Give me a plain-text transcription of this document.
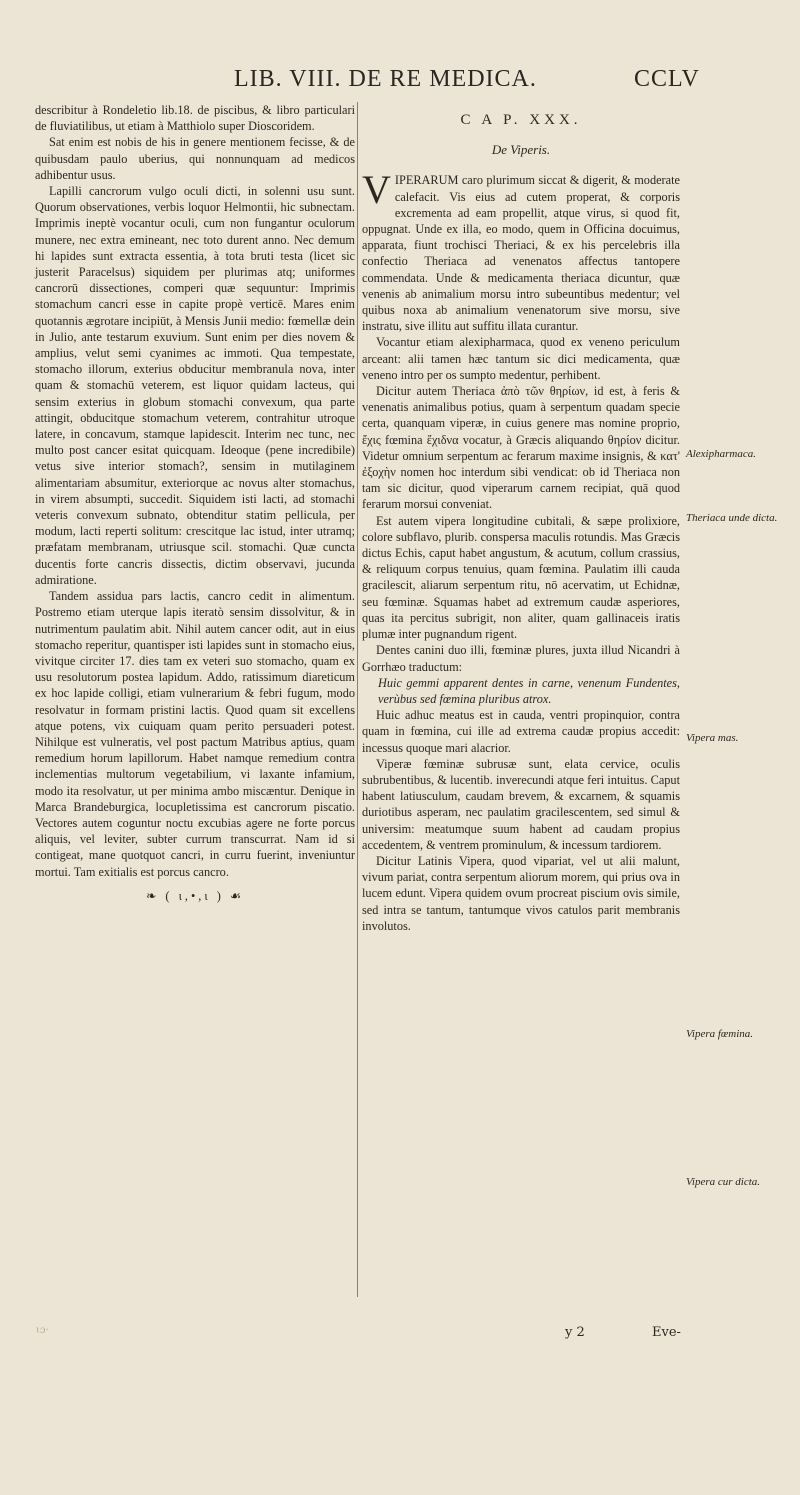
LIB. VIII. DE RE MEDICA.	CCLV

describitur à Rondeletio lib.18. de piscibus, & libro particulari de fluviatilibus, ut etiam à Matthiolo super Dioscoridem.

Sat enim est nobis de his in genere mentionem fecisse, & de quibusdam paulo uberius, qui nonnunquam ad medicos adhibentur usus.

Lapilli cancrorum vulgo oculi dicti, in solenni usu sunt. Quorum observationes, verbis loquor Helmontii, hic subnectam. Imprimis ineptè vocantur oculi, cum non fungantur oculorum munere, nec extra emineant, nec toto durent anno. Nec demum hi lapides sunt extracta essentia, à tota bruti testa (licet sic justerit Paracelsus) siquidem per plurimas atq; uniformes cancrorū dissectiones, comperi quæ sequuntur: Imprimis stomachum cancri esse in capite propè verticē. Mares enim quotannis ægrotare incipiūt, à Mensis Junii medio: fœmellæ dein in Julio, ante testarum exuvium. Sunt enim per dies novem & amplius, velut semi cyanimes ac immoti. Qua tempestate, stomacho illorum, exterius obducitur membranula nova, inter quam & stomachū veterem, est liquor quidam lacteus, qui sensim exterius in globum stomachi convexum, qua parte attingit, obducitque stomachum veterem, contrahitur utroque latere, in concavum, stamque lapidescit. Interim nec tunc, nec multo post cancer esitat quicquam. Ideoque (pene incredibile) vetus sive interior stomach?, sensim in mutilaginem alimentariam absumitur, exteriorque ac novus alter stomachus, in virem absumpti, succedit. Siquidem isti lacti, ad stomachi veteris convexum subnato, obtenditur statim pellicula, per modum, lacti reperti solitum: crescitque lac istud, inter utramq; præfatam membranam, utriusque scil. stomachi. Quæ cuncta ducentis forte cancris dissectis, dictim observavi, jucunda admiratione.

Tandem assidua pars lactis, cancro cedit in alimentum. Postremo etiam uterque lapis iteratò sensim dissolvitur, & in nutrimentum paulatim abit. Nihil autem cancer odit, aut in eius stomacho reperitur, quantisper isti lapides sunt in stomacho eius, vivitque circiter 17. dies tam ex veteri suo stomacho, quam ex usu resolutorum postea lapidum. Addo, ratissimum diareticum ex hoc lapide colligi, etiam vulnerarium & febri fugum, modo resolvatur in formam pristini lactis. Quod quam sit excellens atque potens, vix cuiquam quam perito persuaderi potest. Nihilque est vulneratis, vel post pactum Matribus aptius, quam remedium horum lapillorum. Habet namque remedium contra inclementias multorum vegetabilium, vi laxante infamium, modo ita resolvatur, ut per minima ambo miscæntur. Denique in Marca Brandeburgica, locupletissima est cancrorum piscatio. Vectores autem coguntur noctu excubias agere ne forte porcus aliquis, vel leviter, subter currum transcurrat. Nam id si contigeat, mane quotquot cancri, in curru fuerint, inveniuntur mortui. Tam exitialis est porcus cancro.

❧ ( ɩ,•,ɩ ) ☙
C A P. XXX.
De Viperis.

V IPERARUM caro plurimum siccat & digerit, & moderate calefacit. Vis eius ad cutem properat, & corporis excrementa ad eam propellit, atque virus, si quod fit, oppugnat. Unde ex illa, eo modo, quem in Officina docuimus, apparata, fiunt trochisci Theriaci, & ex his percelebris illa confectio Theriaca ad venenatos affectus tantopere commendata. Unde & medicamenta theriaca dicuntur, quæ venenis ab animalium morsu intro subeuntibus medentur; vel quibus noxa ab animalium venenatorum sive morsu, sive instratu, sive illitu aut suffitu illata curantur.

Vocantur etiam alexipharmaca, quod ex veneno periculum arceant: alii tamen hæc tantum sic dici medicamenta, quæ veneno intro per os sumpto medentur, perhibent.

Dicitur autem Theriaca ἀπὸ τῶν θηρίων, id est, à feris & venenatis animalibus potius, quam à serpentum quadam specie certa, quanquam viperæ, in cuius genere mas nomine proprio, ἔχις fœmina ἔχιδνα vocatur, à Græcis aliquando θηρίον dicitur. Videtur omnium serpentum ac ferarum maxime insignis, & κατ' ἐξοχὴν nomen hoc interdum sibi vendicat: ob id Theriaca non tam sic dicitur, quod viperarum carnem recipiat, quā quod ferarum morsui conveniat.

Est autem vipera longitudine cubitali, & sæpe prolixiore, colore subflavo, plurib. conspersa maculis rotundis. Mas Græcis dictus Echis, caput habet angustum, & acutum, collum crassius, & reliquum corpus tenuius, quam fœmina. Paulatim illi cauda gracilescit, aliarum serpentum ritu, nō acervatim, ut Echidnæ, seu fœminæ. Squamas habet ad extremum caudæ asperiores, quas ita percitus subrigit, non aliter, quam gallinaceis iratis plumæ inter pugnandum rigent.

Dentes canini duo illi, fœminæ plures, juxta illud Nicandri à Gorrhæo traductum:

Huic gemmi apparent dentes in carne, venenum Fundentes, verùbus sed fœmina pluribus atrox.

Huic adhuc meatus est in cauda, ventri propinquior, contra quam in fœmina, cui ille ad extrema caudæ propius accedit: incessus quoque mari alacrior.

Viperæ fœminæ subrusæ sunt, elata cervice, oculis subrubentibus, & lucentib. inverecundi atque feri intuitus. Caput habent latiusculum, caudam brevem, & excarnem, & squamis duriotibus asperam, nec paulatim gracilescentem, sed simul & universim: meatumque suum habent ad caudam propius accedentem, & ventrem prominulum, & incessum tardiorem.

Dicitur Latinis Vipera, quod vipariat, vel ut alii malunt, vivum pariat, contra serpentum aliorum morem, qui prius ova in lucem edunt. Vipera quidem ovum procreat piscium ovis simile, sed intra se tantum, tantumque vivos catulos parit membranis involutos.

Alexipharmaca.
Theriaca unde dicta.
Vipera mas.
Vipera fœmina.
Vipera cur dicta.
ɩɔ·	y 2	Eve-
